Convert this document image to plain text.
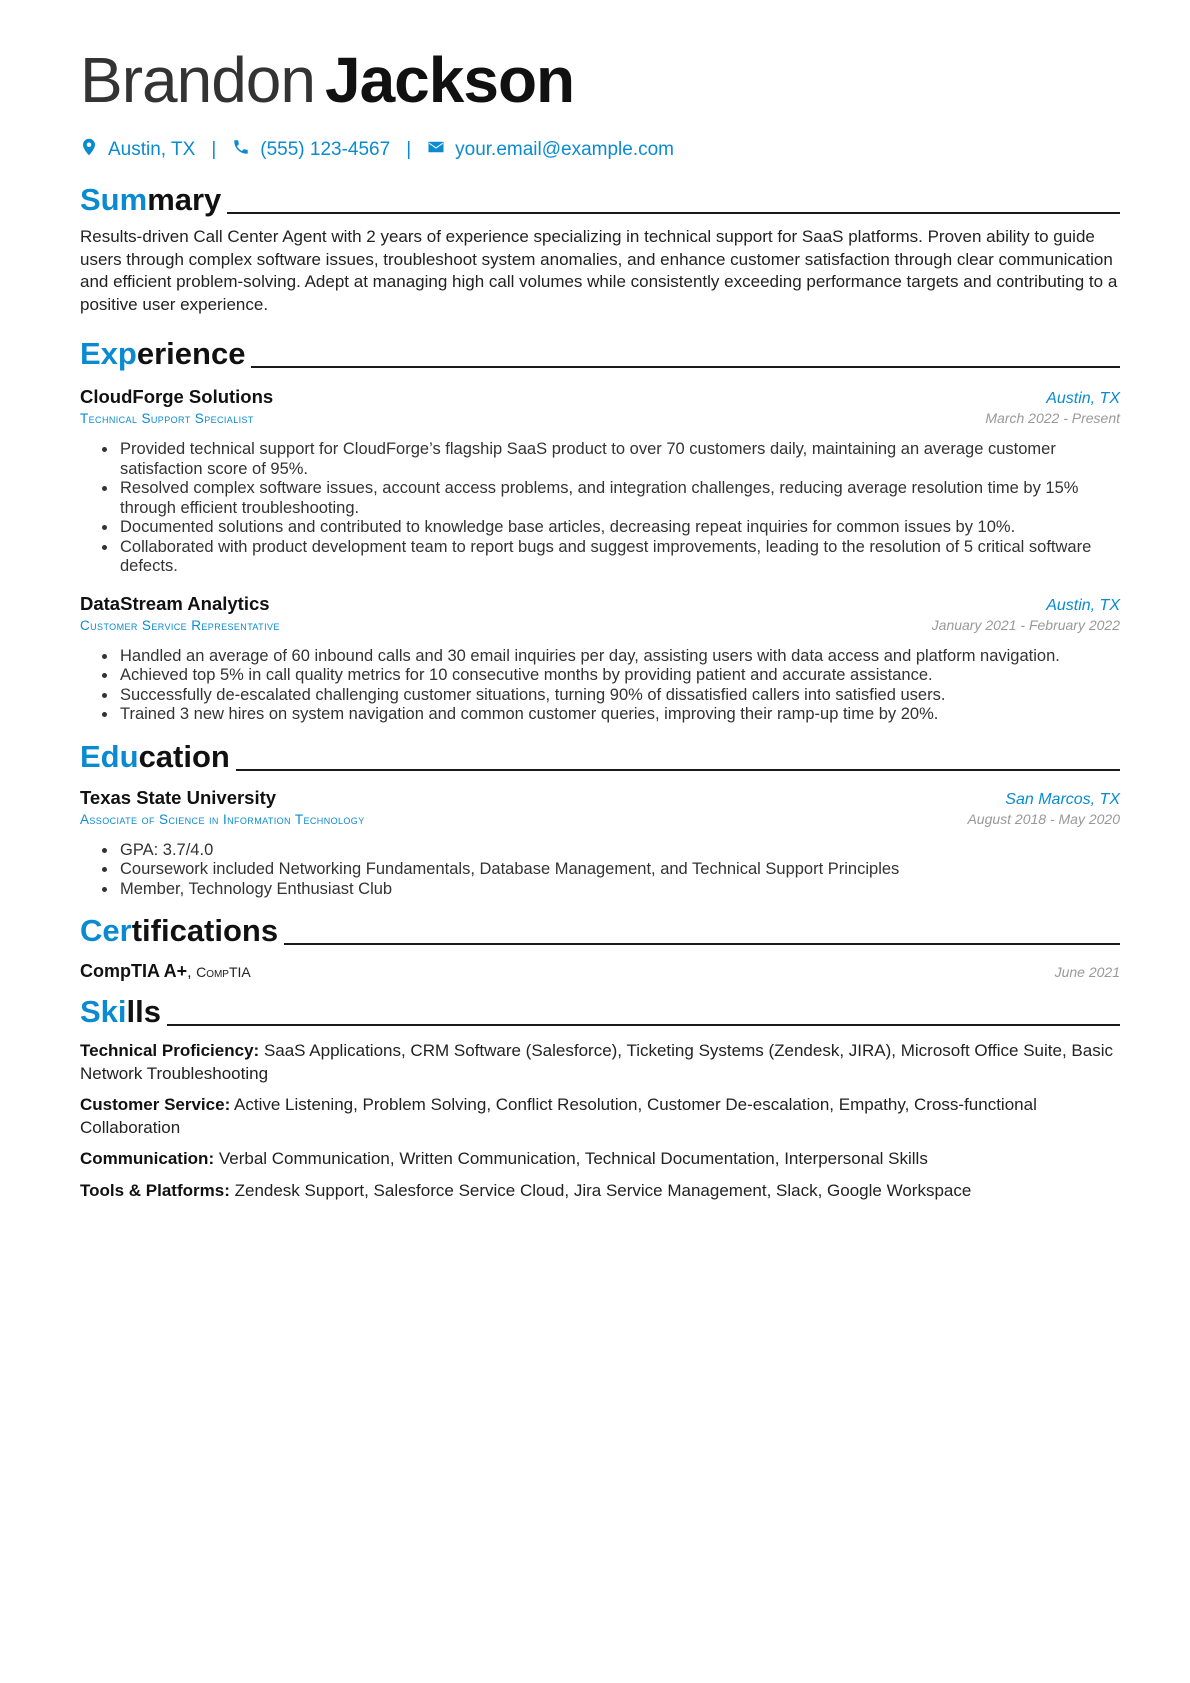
Brandon Jackson
Austin, TX | (555) 123-4567 | your.email@example.com
Summary
Results-driven Call Center Agent with 2 years of experience specializing in technical support for SaaS platforms. Proven ability to guide users through complex software issues, troubleshoot system anomalies, and enhance customer satisfaction through clear communication and efficient problem-solving. Adept at managing high call volumes while consistently exceeding performance targets and contributing to a positive user experience.
Experience
CloudForge Solutions	Austin, TX
Technical Support Specialist	March 2022 - Present
• Provided technical support for CloudForge’s flagship SaaS product to over 70 customers daily, maintaining an average customer satisfaction score of 95%.
• Resolved complex software issues, account access problems, and integration challenges, reducing average resolution time by 15% through efficient troubleshooting.
• Documented solutions and contributed to knowledge base articles, decreasing repeat inquiries for common issues by 10%.
• Collaborated with product development team to report bugs and suggest improvements, leading to the resolution of 5 critical software defects.
DataStream Analytics	Austin, TX
Customer Service Representative	January 2021 - February 2022
• Handled an average of 60 inbound calls and 30 email inquiries per day, assisting users with data access and platform navigation.
• Achieved top 5% in call quality metrics for 10 consecutive months by providing patient and accurate assistance.
• Successfully de-escalated challenging customer situations, turning 90% of dissatisfied callers into satisfied users.
• Trained 3 new hires on system navigation and common customer queries, improving their ramp-up time by 20%.
Education
Texas State University	San Marcos, TX
Associate of Science in Information Technology	August 2018 - May 2020
• GPA: 3.7/4.0
• Coursework included Networking Fundamentals, Database Management, and Technical Support Principles
• Member, Technology Enthusiast Club
Certifications
CompTIA A+, CompTIA	June 2021
Skills
Technical Proficiency: SaaS Applications, CRM Software (Salesforce), Ticketing Systems (Zendesk, JIRA), Microsoft Office Suite, Basic Network Troubleshooting
Customer Service: Active Listening, Problem Solving, Conflict Resolution, Customer De-escalation, Empathy, Cross-functional Collaboration
Communication: Verbal Communication, Written Communication, Technical Documentation, Interpersonal Skills
Tools & Platforms: Zendesk Support, Salesforce Service Cloud, Jira Service Management, Slack, Google Workspace
